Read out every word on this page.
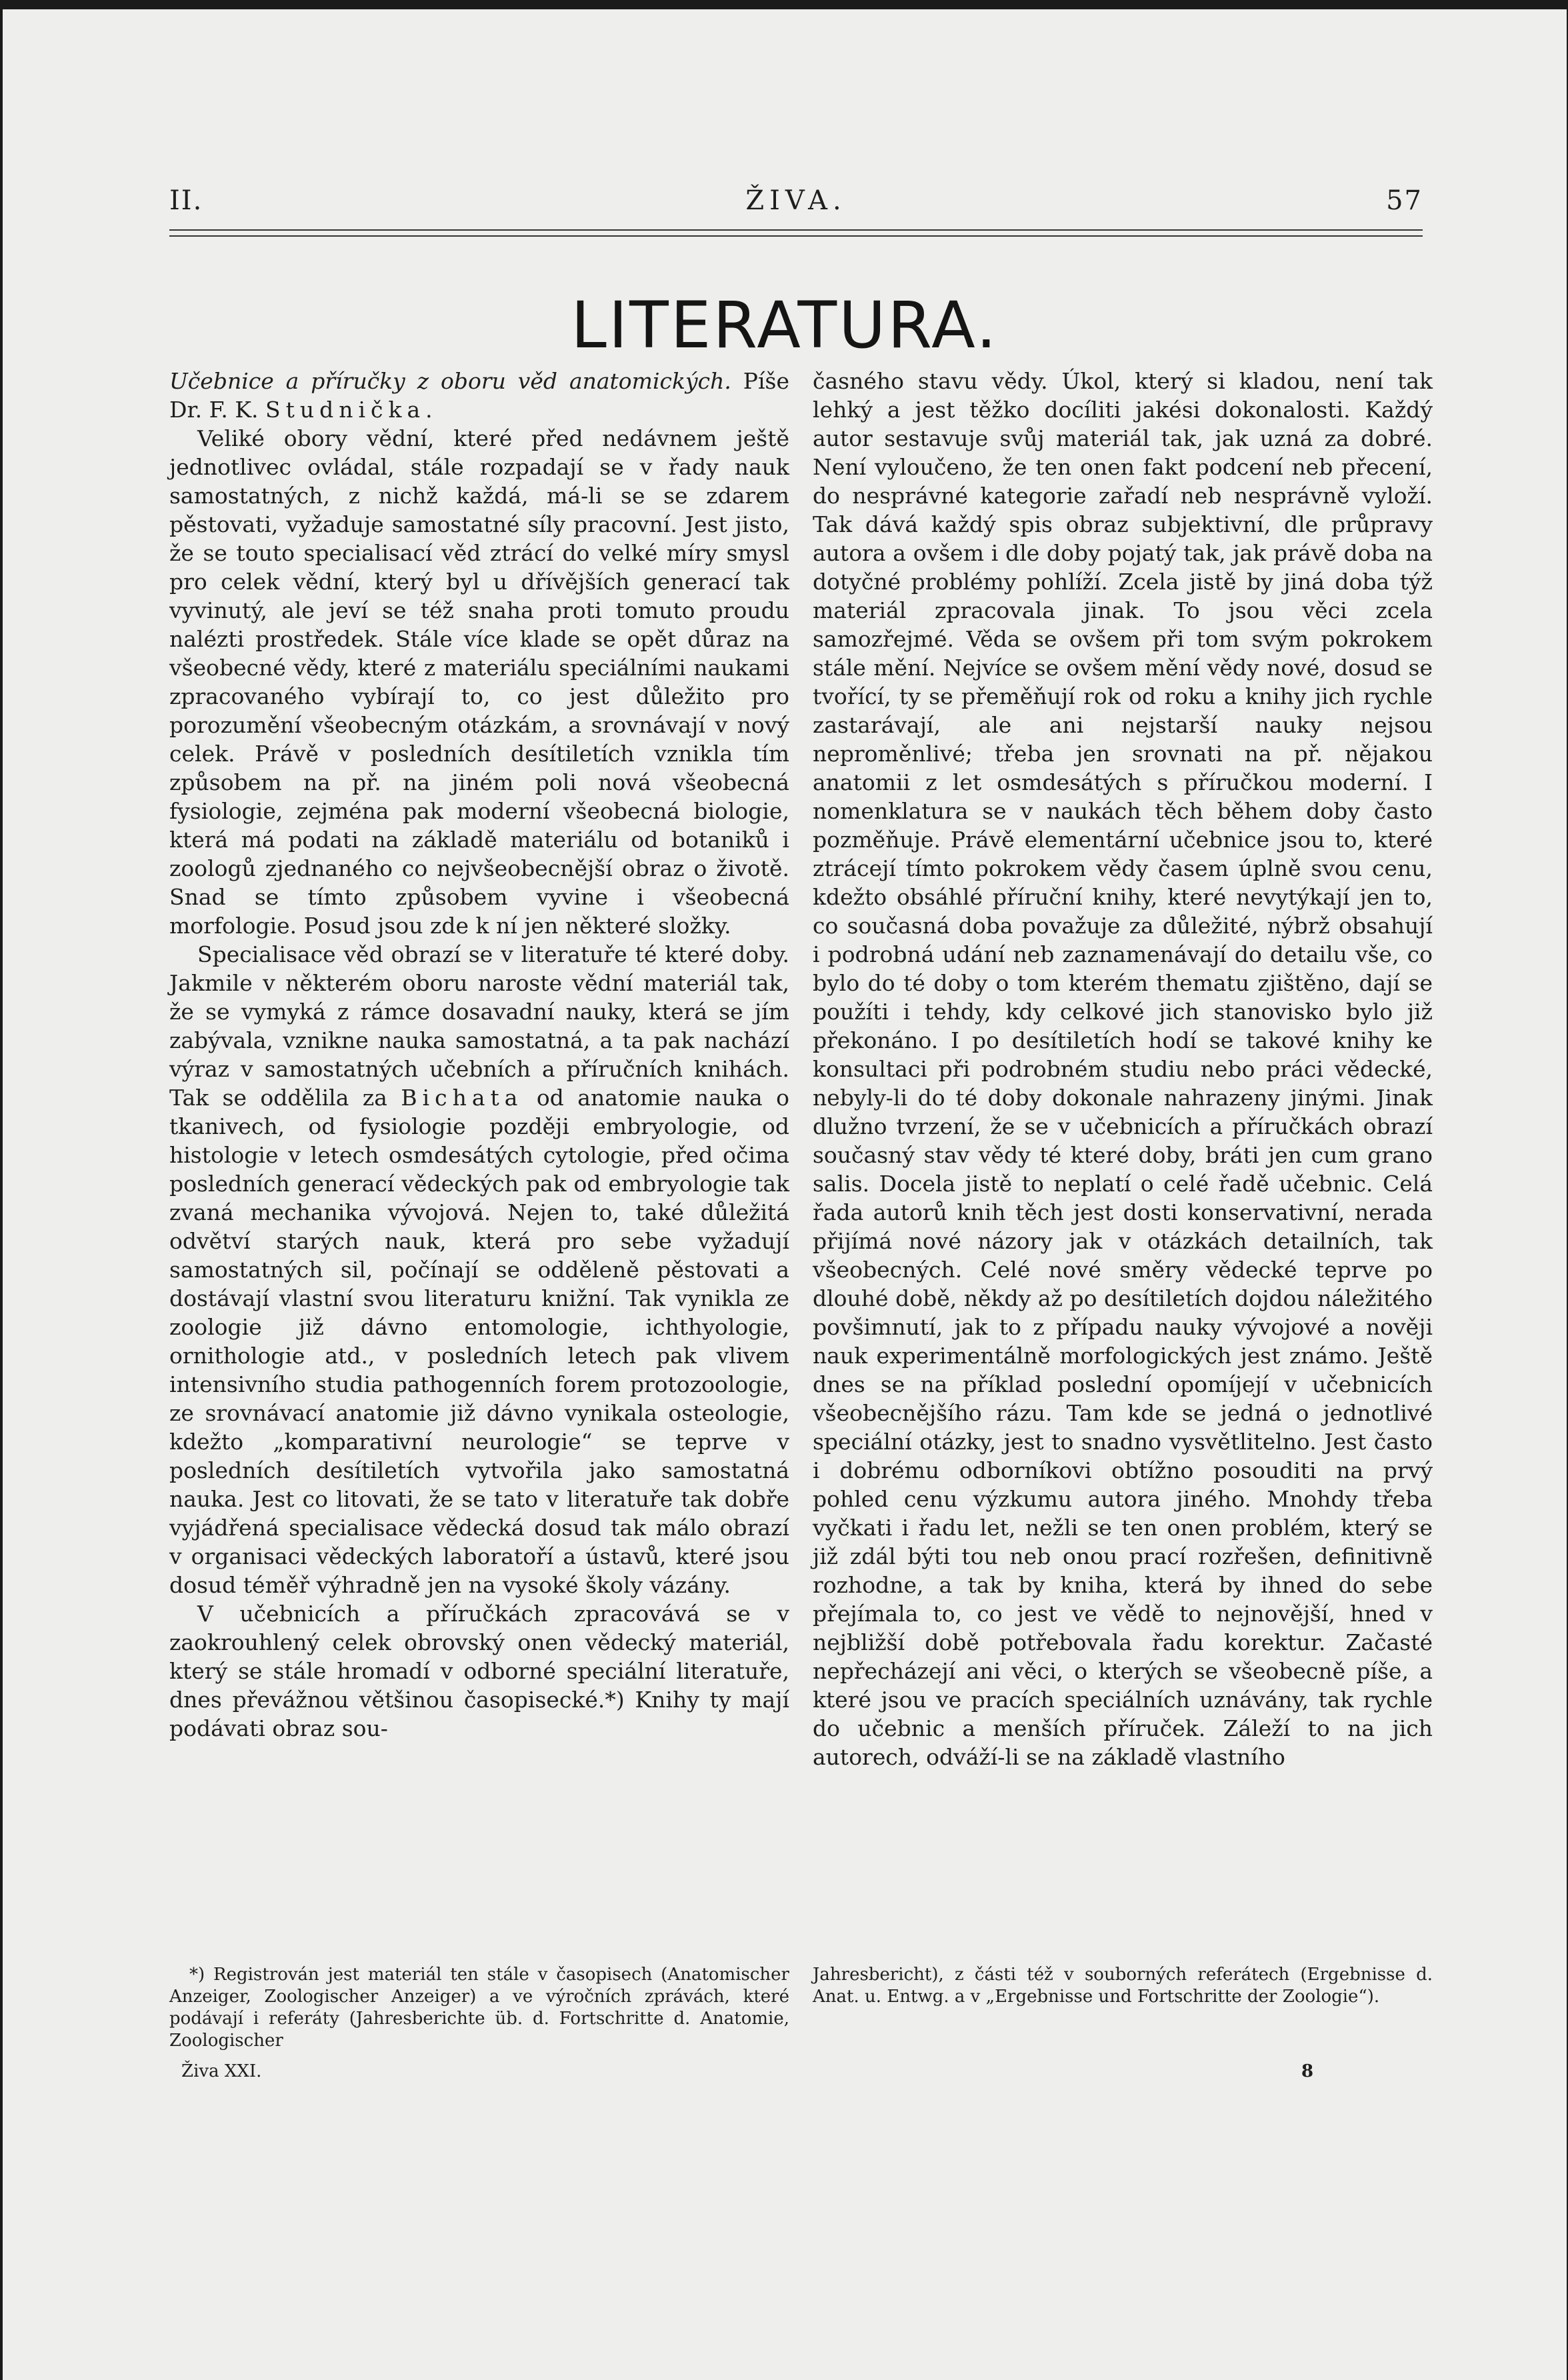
II.	ŽIVA.	57
LITERATURA.

Učebnice a příručky z oboru věd anatomických. Píše Dr. F. K. Studnička.

Veliké obory vědní, které před nedávnem ještě jednotlivec ovládal, stále rozpadají se v řady nauk samostatných, z nichž každá, má-li se se zdarem pěstovati, vyžaduje samostatné síly pracovní. Jest jisto, že se touto specialisací věd ztrácí do velké míry smysl pro celek vědní, který byl u dřívějších generací tak vyvinutý, ale jeví se též snaha proti tomuto proudu nalézti prostředek. Stále více klade se opět důraz na všeobecné vědy, které z materiálu speciálními naukami zpracovaného vybírají to, co jest důležito pro porozumění všeobecným otázkám, a srovnávají v nový celek. Právě v posledních desítiletích vznikla tím způsobem na př. na jiném poli nová všeobecná fysiologie, zejména pak moderní všeobecná biologie, která má podati na základě materiálu od botaniků i zoologů zjednaného co nejvšeobecnější obraz o životě. Snad se tímto způsobem vyvine i všeobecná morfologie. Posud jsou zde k ní jen některé složky.

Specialisace věd obrazí se v literatuře té které doby. Jakmile v některém oboru naroste vědní materiál tak, že se vymyká z rámce dosavadní nauky, která se jím zabývala, vznikne nauka samostatná, a ta pak nachází výraz v samostatných učebních a příručních knihách. Tak se oddělila za Bichata od anatomie nauka o tkanivech, od fysiologie později embryologie, od histologie v letech osmdesátých cytologie, před očima posledních generací vědeckých pak od embryologie tak zvaná mechanika vývojová. Nejen to, také důležitá odvětví starých nauk, která pro sebe vyžadují samostatných sil, počínají se odděleně pěstovati a dostávají vlastní svou literaturu knižní. Tak vynikla ze zoologie již dávno entomologie, ichthyologie, ornithologie atd., v posledních letech pak vlivem intensivního studia pathogenních forem protozoologie, ze srovnávací anatomie již dávno vynikala osteologie, kdežto „komparativní neurologie“ se teprve v posledních desítiletích vytvořila jako samostatná nauka. Jest co litovati, že se tato v literatuře tak dobře vyjádřená specialisace vědecká dosud tak málo obrazí v organisaci vědeckých laboratoří a ústavů, které jsou dosud téměř výhradně jen na vysoké školy vázány.

V učebnicích a příručkách zpracovává se v zaokrouhlený celek obrovský onen vědecký materiál, který se stále hromadí v odborné speciální literatuře, dnes převážnou většinou časopisecké.*) Knihy ty mají podávati obraz sou-

časného stavu vědy. Úkol, který si kladou, není tak lehký a jest těžko docíliti jakési dokonalosti. Každý autor sestavuje svůj materiál tak, jak uzná za dobré. Není vyloučeno, že ten onen fakt podcení neb přecení, do nesprávné kategorie zařadí neb nesprávně vyloží. Tak dává každý spis obraz subjektivní, dle průpravy autora a ovšem i dle doby pojatý tak, jak právě doba na dotyčné problémy pohlíží. Zcela jistě by jiná doba týž materiál zpracovala jinak. To jsou věci zcela samozřejmé. Věda se ovšem při tom svým pokrokem stále mění. Nejvíce se ovšem mění vědy nové, dosud se tvořící, ty se přeměňují rok od roku a knihy jich rychle zastarávají, ale ani nejstarší nauky nejsou neproměnlivé; třeba jen srovnati na př. nějakou anatomii z let osmdesátých s příručkou moderní. I nomenklatura se v naukách těch během doby často pozměňuje. Právě elementární učebnice jsou to, které ztrácejí tímto pokrokem vědy časem úplně svou cenu, kdežto obsáhlé příruční knihy, které nevytýkají jen to, co současná doba považuje za důležité, nýbrž obsahují i podrobná udání neb zaznamenávají do detailu vše, co bylo do té doby o tom kterém thematu zjištěno, dají se použíti i tehdy, kdy celkové jich stanovisko bylo již překonáno. I po desítiletích hodí se takové knihy ke konsultaci při podrobném studiu nebo práci vědecké, nebyly-li do té doby dokonale nahrazeny jinými. Jinak dlužno tvrzení, že se v učebnicích a příručkách obrazí současný stav vědy té které doby, bráti jen cum grano salis. Docela jistě to neplatí o celé řadě učebnic. Celá řada autorů knih těch jest dosti konservativní, nerada přijímá nové názory jak v otázkách detailních, tak všeobecných. Celé nové směry vědecké teprve po dlouhé době, někdy až po desítiletích dojdou náležitého povšimnutí, jak to z případu nauky vývojové a nověji nauk experimentálně morfologických jest známo. Ještě dnes se na příklad poslední opomíjejí v učebnicích všeobecnějšího rázu. Tam kde se jedná o jednotlivé speciální otázky, jest to snadno vysvětlitelno. Jest často i dobrému odborníkovi obtížno posouditi na prvý pohled cenu výzkumu autora jiného. Mnohdy třeba vyčkati i řadu let, nežli se ten onen problém, který se již zdál býti tou neb onou prací rozřešen, definitivně rozhodne, a tak by kniha, která by ihned do sebe přejímala to, co jest ve vědě to nejnovější, hned v nejbližší době potřebovala řadu korektur. Začasté nepřecházejí ani věci, o kterých se všeobecně píše, a které jsou ve pracích speciálních uznávány, tak rychle do učebnic a menších příruček. Záleží to na jich autorech, odváží-li se na základě vlastního

*) Registrován jest materiál ten stále v časopisech (Anatomischer Anzeiger, Zoologischer Anzeiger) a ve výročních zprávách, které podávají i referáty (Jahresberichte üb. d. Fortschritte d. Anatomie, Zoologischer

Jahresbericht), z části též v souborných referátech (Ergebnisse d. Anat. u. Entwg. a v „Ergebnisse und Fortschritte der Zoologie“).

Živa XXI.	8
